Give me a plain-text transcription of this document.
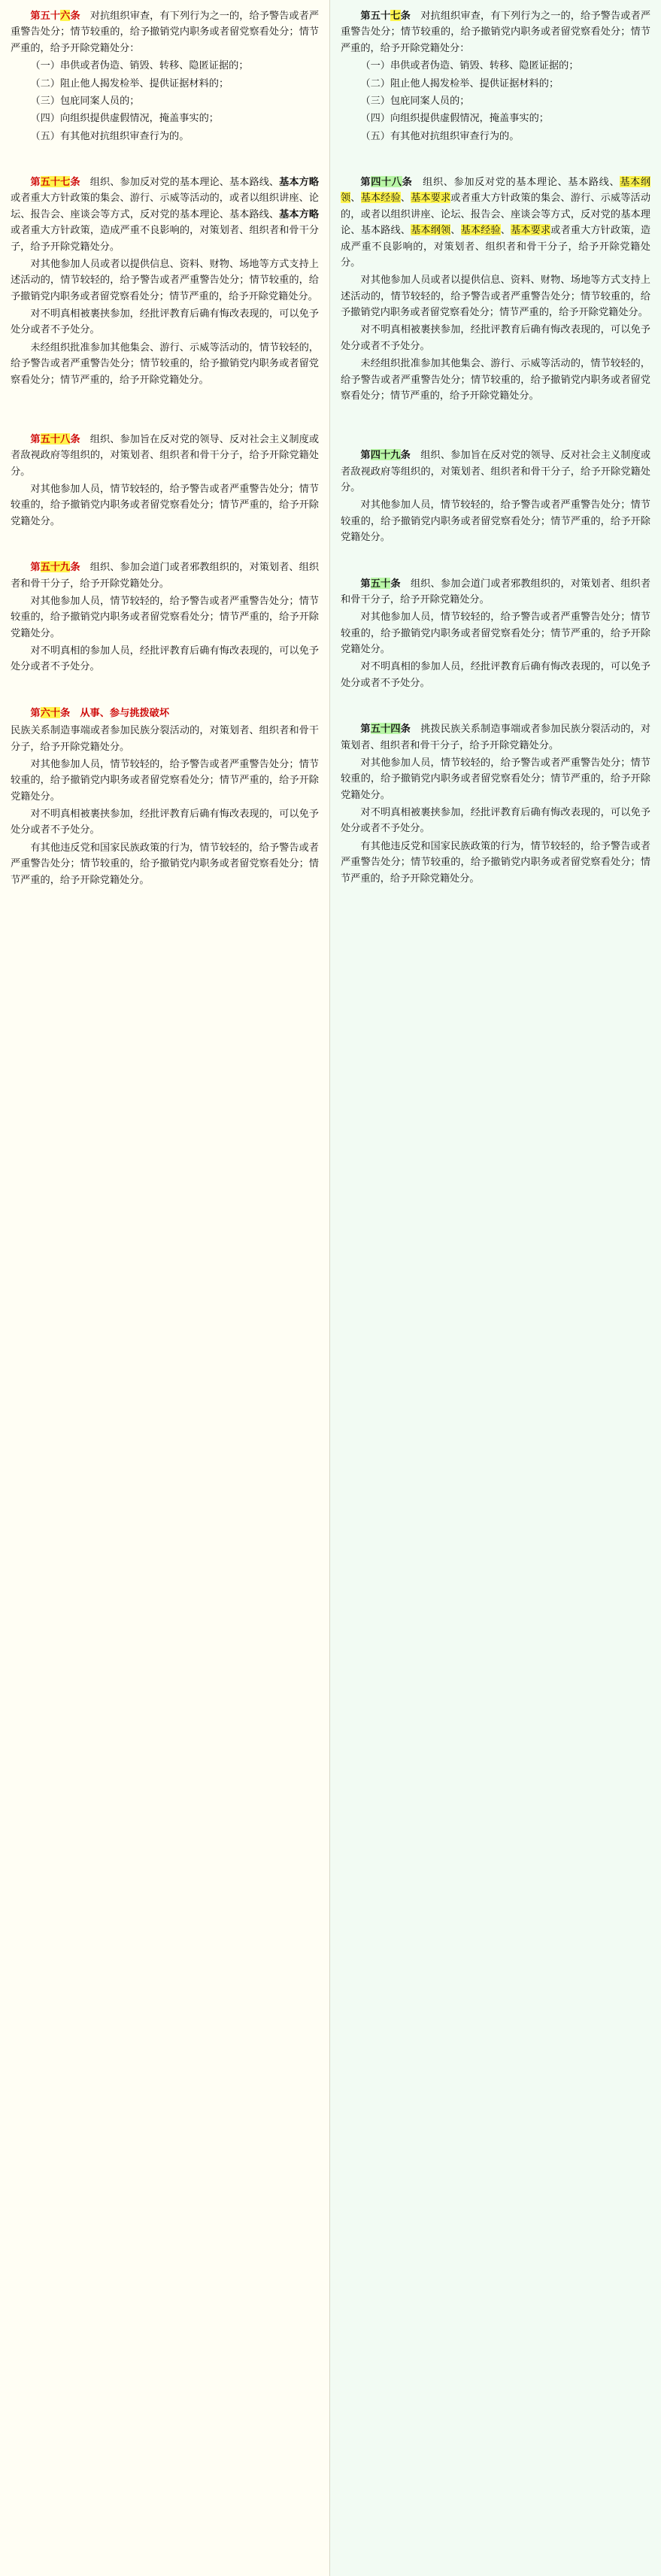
第五十六条　 对抗组织审查，有下列行为之一的，给予警告或者严重警告处分；情节较重的，给予撤销党内职务或者留党察看处分；情节严重的，给予开除党籍处分：

（一）串供或者伪造、销毁、转移、隐匿证据的；

（二）阻止他人揭发检举、提供证据材料的；

（三）包庇同案人员的；

（四）向组织提供虚假情况，掩盖事实的；

（五）有其他对抗组织审查行为的。

第五十七条　 组织、参加反对党的基本理论、基本路线、基本方略或者重大方针政策的集会、游行、示威等活动的，或者以组织讲座、论坛、报告会、座谈会等方式，反对党的基本理论、基本路线、基本方略或者重大方针政策，造成严重不良影响的，对策划者、组织者和骨干分子，给予开除党籍处分。

对其他参加人员或者以提供信息、资料、财物、场地等方式支持上述活动的，情节较轻的，给予警告或者严重警告处分；情节较重的，给予撤销党内职务或者留党察看处分；情节严重的，给予开除党籍处分。

对不明真相被裹挟参加，经批评教育后确有悔改表现的，可以免予处分或者不予处分。

未经组织批准参加其他集会、游行、示威等活动的，情节较轻的，给予警告或者严重警告处分；情节较重的，给予撤销党内职务或者留党察看处分；情节严重的，给予开除党籍处分。

第五十八条　 组织、参加旨在反对党的领导、反对社会主义制度或者敌视政府等组织的，对策划者、组织者和骨干分子，给予开除党籍处分。

对其他参加人员，情节较轻的，给予警告或者严重警告处分；情节较重的，给予撤销党内职务或者留党察看处分；情节严重的，给予开除党籍处分。

第五十九条　 组织、参加会道门或者邪教组织的，对策划者、组织者和骨干分子，给予开除党籍处分。

对其他参加人员，情节较轻的，给予警告或者严重警告处分；情节较重的，给予撤销党内职务或者留党察看处分；情节严重的，给予开除党籍处分。

对不明真相的参加人员，经批评教育后确有悔改表现的，可以免予处分或者不予处分。

第六十条　 从事、参与挑拨破坏

民族关系制造事端或者参加民族分裂活动的，对策划者、组织者和骨干分子，给予开除党籍处分。

对其他参加人员，情节较轻的，给予警告或者严重警告处分；情节较重的，给予撤销党内职务或者留党察看处分；情节严重的，给予开除党籍处分。

对不明真相被裹挟参加，经批评教育后确有悔改表现的，可以免予处分或者不予处分。

有其他违反党和国家民族政策的行为，情节较轻的，给予警告或者严重警告处分；情节较重的，给予撤销党内职务或者留党察看处分；情节严重的，给予开除党籍处分。

第五十七条　 对抗组织审查，有下列行为之一的，给予警告或者严重警告处分；情节较重的，给予撤销党内职务或者留党察看处分；情节严重的，给予开除党籍处分：

（一）串供或者伪造、销毁、转移、隐匿证据的；

（二）阻止他人揭发检举、提供证据材料的；

（三）包庇同案人员的；

（四）向组织提供虚假情况，掩盖事实的；

（五）有其他对抗组织审查行为的。

第四十八条　 组织、参加反对党的基本理论、基本路线、基本纲领、基本经验、基本要求或者重大方针政策的集会、游行、示威等活动的，或者以组织讲座、论坛、报告会、座谈会等方式，反对党的基本理论、基本路线、基本纲领、基本经验、基本要求或者重大方针政策，造成严重不良影响的，对策划者、组织者和骨干分子，给予开除党籍处分。

对其他参加人员或者以提供信息、资料、财物、场地等方式支持上述活动的，情节较轻的，给予警告或者严重警告处分；情节较重的，给予撤销党内职务或者留党察看处分；情节严重的，给予开除党籍处分。

对不明真相被裹挟参加，经批评教育后确有悔改表现的，可以免予处分或者不予处分。

未经组织批准参加其他集会、游行、示威等活动的，情节较轻的，给予警告或者严重警告处分；情节较重的，给予撤销党内职务或者留党察看处分；情节严重的，给予开除党籍处分。

第四十九条　 组织、参加旨在反对党的领导、反对社会主义制度或者敌视政府等组织的，对策划者、组织者和骨干分子，给予开除党籍处分。

对其他参加人员，情节较轻的，给予警告或者严重警告处分；情节较重的，给予撤销党内职务或者留党察看处分；情节严重的，给予开除党籍处分。

第五十条　 组织、参加会道门或者邪教组织的，对策划者、组织者和骨干分子，给予开除党籍处分。

对其他参加人员，情节较轻的，给予警告或者严重警告处分；情节较重的，给予撤销党内职务或者留党察看处分；情节严重的，给予开除党籍处分。

对不明真相的参加人员，经批评教育后确有悔改表现的，可以免予处分或者不予处分。

第五十四条　 挑拨民族关系制造事端或者参加民族分裂活动的，对策划者、组织者和骨干分子，给予开除党籍处分。

对其他参加人员，情节较轻的，给予警告或者严重警告处分；情节较重的，给予撤销党内职务或者留党察看处分；情节严重的，给予开除党籍处分。

对不明真相被裹挟参加，经批评教育后确有悔改表现的，可以免予处分或者不予处分。

有其他违反党和国家民族政策的行为，情节较轻的，给予警告或者严重警告处分；情节较重的，给予撤销党内职务或者留党察看处分；情节严重的，给予开除党籍处分。
